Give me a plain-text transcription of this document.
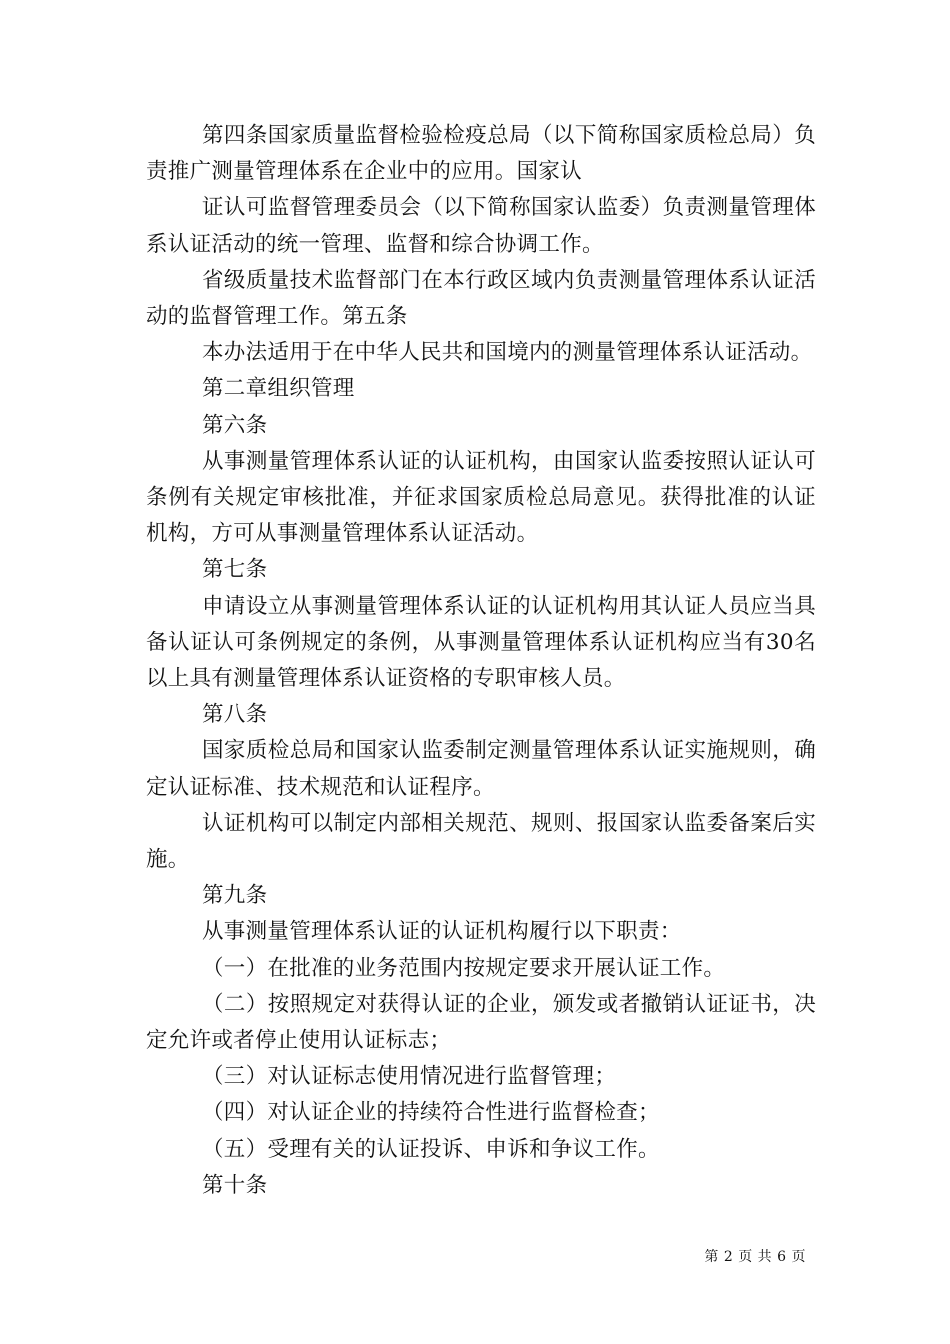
第四条国家质量监督检验检疫总局（以下简称国家质检总局）负责推广测量管理体系在企业中的应用。国家认

证认可监督管理委员会（以下简称国家认监委）负责测量管理体系认证活动的统一管理、监督和综合协调工作。

省级质量技术监督部门在本行政区域内负责测量管理体系认证活动的监督管理工作。第五条

本办法适用于在中华人民共和国境内的测量管理体系认证活动。

第二章组织管理

第六条

从事测量管理体系认证的认证机构，由国家认监委按照认证认可条例有关规定审核批准，并征求国家质检总局意见。获得批准的认证机构，方可从事测量管理体系认证活动。

第七条

申请设立从事测量管理体系认证的认证机构用其认证人员应当具备认证认可条例规定的条例，从事测量管理体系认证机构应当有30名以上具有测量管理体系认证资格的专职审核人员。

第八条

国家质检总局和国家认监委制定测量管理体系认证实施规则，确定认证标准、技术规范和认证程序。

认证机构可以制定内部相关规范、规则、报国家认监委备案后实施。

第九条

从事测量管理体系认证的认证机构履行以下职责：

（一）在批准的业务范围内按规定要求开展认证工作。

（二）按照规定对获得认证的企业，颁发或者撤销认证证书，决定允许或者停止使用认证标志；

（三）对认证标志使用情况进行监督管理；

（四）对认证企业的持续符合性进行监督检查；

（五）受理有关的认证投诉、申诉和争议工作。

第十条

第 2 页 共 6 页
